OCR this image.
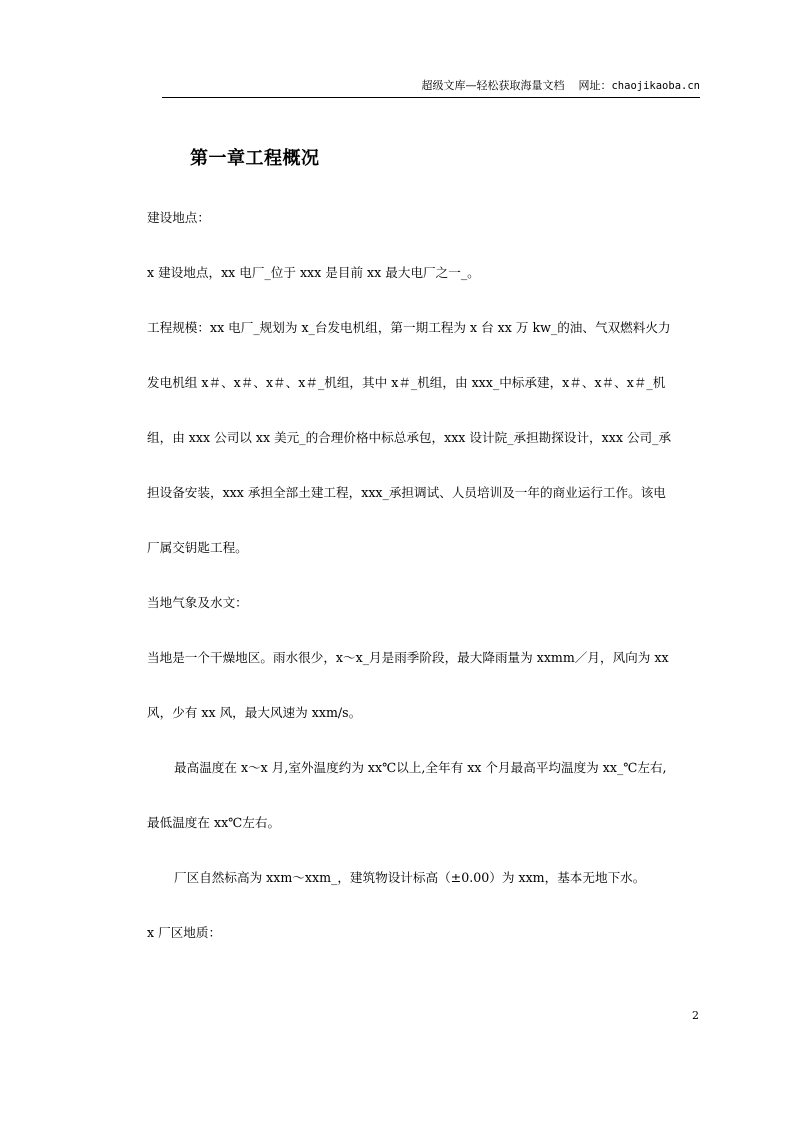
超级文库—轻松获取海量文档 网址：chaojikaoba.cn
第一章工程概况
建设地点：
x 建设地点，xx 电厂_位于 xxx 是目前 xx 最大电厂之一_。
工程规模：xx 电厂_规划为 x_台发电机组，第一期工程为 x 台 xx 万 kw_的油、气双燃料火力
发电机组 x＃、x＃、x＃、x＃_机组，其中 x＃_机组，由 xxx_中标承建，x＃、x＃、x＃_机
组，由 xxx 公司以 xx 美元_的合理价格中标总承包，xxx 设计院_承担勘探设计，xxx 公司_承
担设备安装，xxx 承担全部土建工程，xxx_承担调试、人员培训及一年的商业运行工作。该电
厂属交钥匙工程。
当地气象及水文：
当地是一个干燥地区。雨水很少，x～x_月是雨季阶段，最大降雨量为 xxmm／月，风向为 xx
风，少有 xx 风，最大风速为 xxm/s。
最高温度在 x～x 月,室外温度约为 xx℃以上,全年有 xx 个月最高平均温度为 xx_℃左右,
最低温度在 xx℃左右。
厂区自然标高为 xxm～xxm_，建筑物设计标高（±0.00）为 xxm，基本无地下水。
x 厂区地质：
2
